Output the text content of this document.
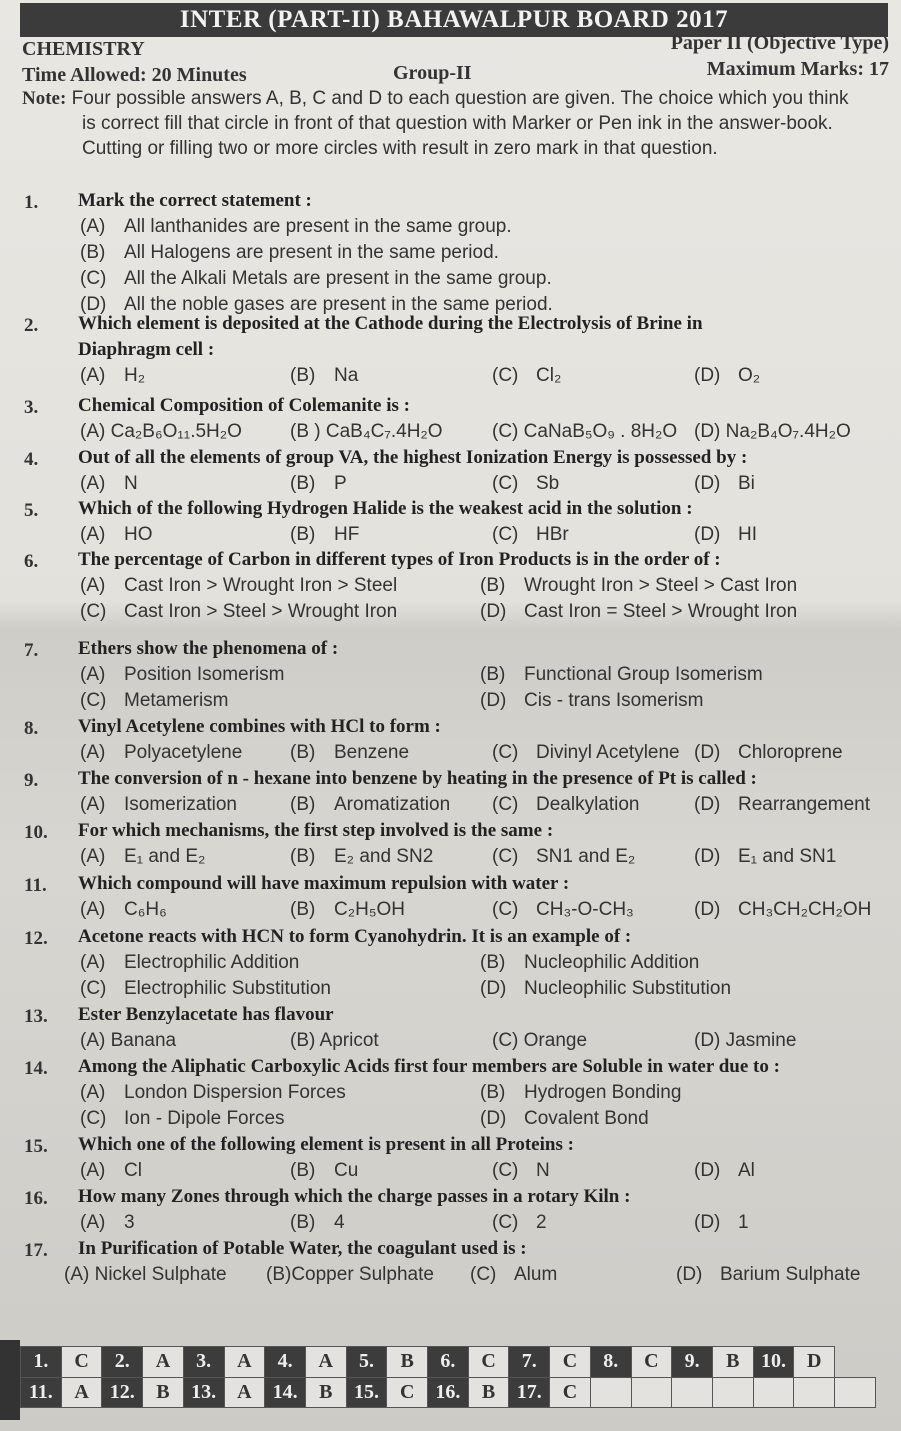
INTER (PART-II) BAHAWALPUR BOARD 2017
CHEMISTRY	Paper II (Objective Type)
Time Allowed: 20 Minutes	Group-II	Maximum Marks: 17
Note: Four possible answers A, B, C and D to each question are given. The choice which you think
is correct fill that circle in front of that question with Marker or Pen ink in the answer-book.
Cutting or filling two or more circles with result in zero mark in that question.
1. Mark the correct statement :
(A) All lanthanides are present in the same group.
(B) All Halogens are present in the same period.
(C) All the Alkali Metals are present in the same group.
(D) All the noble gases are present in the same period.
2. Which element is deposited at the Cathode during the Electrolysis of Brine in
Diaphragm cell :
(A) H₂	(B) Na	(C) Cl₂	(D) O₂
3. Chemical Composition of Colemanite is :
(A) Ca₂B₆O₁₁.5H₂O	(B ) CaB₄C₇.4H₂O	(C) CaNaB₅O₉ . 8H₂O (D) Na₂B₄O₇.4H₂O
4. Out of all the elements of group VA, the highest Ionization Energy is possessed by :
(A) N	(B) P	(C) Sb	(D) Bi
5. Which of the following Hydrogen Halide is the weakest acid in the solution :
(A) HO	(B) HF	(C) HBr	(D) HI
6. The percentage of Carbon in different types of Iron Products is in the order of :
(A) Cast Iron > Wrought Iron > Steel	(B) Wrought Iron > Steel > Cast Iron
(C) Cast Iron > Steel > Wrought Iron	(D) Cast Iron = Steel > Wrought Iron
7. Ethers show the phenomena of :
(A) Position Isomerism	(B) Functional Group Isomerism
(C) Metamerism	(D) Cis - trans Isomerism
8. Vinyl Acetylene combines with HCl to form :
(A) Polyacetylene	(B) Benzene	(C) Divinyl Acetylene (D) Chloroprene
9. The conversion of n - hexane into benzene by heating in the presence of Pt is called :
(A) Isomerization	(B) Aromatization (C) Dealkylation	(D) Rearrangement
10. For which mechanisms, the first step involved is the same :
(A) E₁ and E₂	(B) E₂ and SN2	(C) SN1 and E₂	(D) E₁ and SN1
11. Which compound will have maximum repulsion with water :
(A) C₆H₆	(B) C₂H₅OH	(C) CH₃-O-CH₃	(D) CH₃CH₂CH₂OH
12. Acetone reacts with HCN to form Cyanohydrin. It is an example of :
(A) Electrophilic Addition	(B) Nucleophilic Addition
(C) Electrophilic Substitution	(D) Nucleophilic Substitution
13. Ester Benzylacetate has flavour
(A) Banana	(B) Apricot	(C) Orange	(D) Jasmine
14. Among the Aliphatic Carboxylic Acids first four members are Soluble in water due to :
(A) London Dispersion Forces	(B) Hydrogen Bonding
(C) Ion - Dipole Forces	(D) Covalent Bond
15. Which one of the following element is present in all Proteins :
(A) Cl	(B) Cu	(C) N	(D) Al
16. How many Zones through which the charge passes in a rotary Kiln :
(A) 3	(B) 4	(C) 2	(D) 1
17. In Purification of Potable Water, the coagulant used is :
(A) Nickel Sulphate (B)Copper Sulphate (C) Alum	(D) Barium Sulphate
1.	C	2.	A	3.	A	4.	A	5.	B	6.	C	7.	C	8.	C	9.	B	10.	D	
11.	A	12.	B	13.	A	14.	B	15.	C	16.	B	17.	C							
